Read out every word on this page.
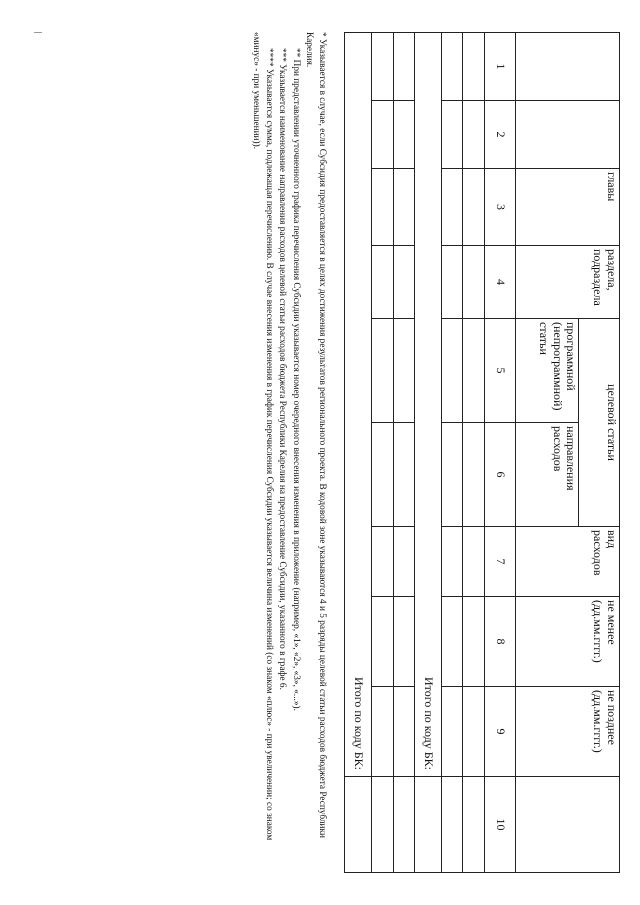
		главы	раздела, подраздела	целевой статьи		вид расходов	не менее (дд.мм.гггг.)	не позднее (дд.мм.гггг.)	
				программной (непрограммной) статьи	направления расходов				
1	2	3	4	5	6	7	8	9	10

Итого по коду БК:									

Итого по коду БК:									

* Указывается в случае, если Субсидия предоставляется в целях достижения результатов регионального проекта. В кодовой зоне указываются 4 и 5 разряды целевой статьи расходов бюджета Республики Карелия.

** При представлении уточненного графика перечисления Субсидии указывается номер очередного внесения изменения в приложение (например, «1», «2», «3», «...»).

*** Указывается наименование направления расходов целевой статьи расходов бюджета Республики Карелия на предоставление Субсидии, указанного в графе 6.

**** Указывается сумма, подлежащая перечислению. В случае внесения изменения в график перечисления Субсидии указывается величина изменений (со знаком «плюс» - при увеличении; со знаком «минус» - при уменьшении)).
